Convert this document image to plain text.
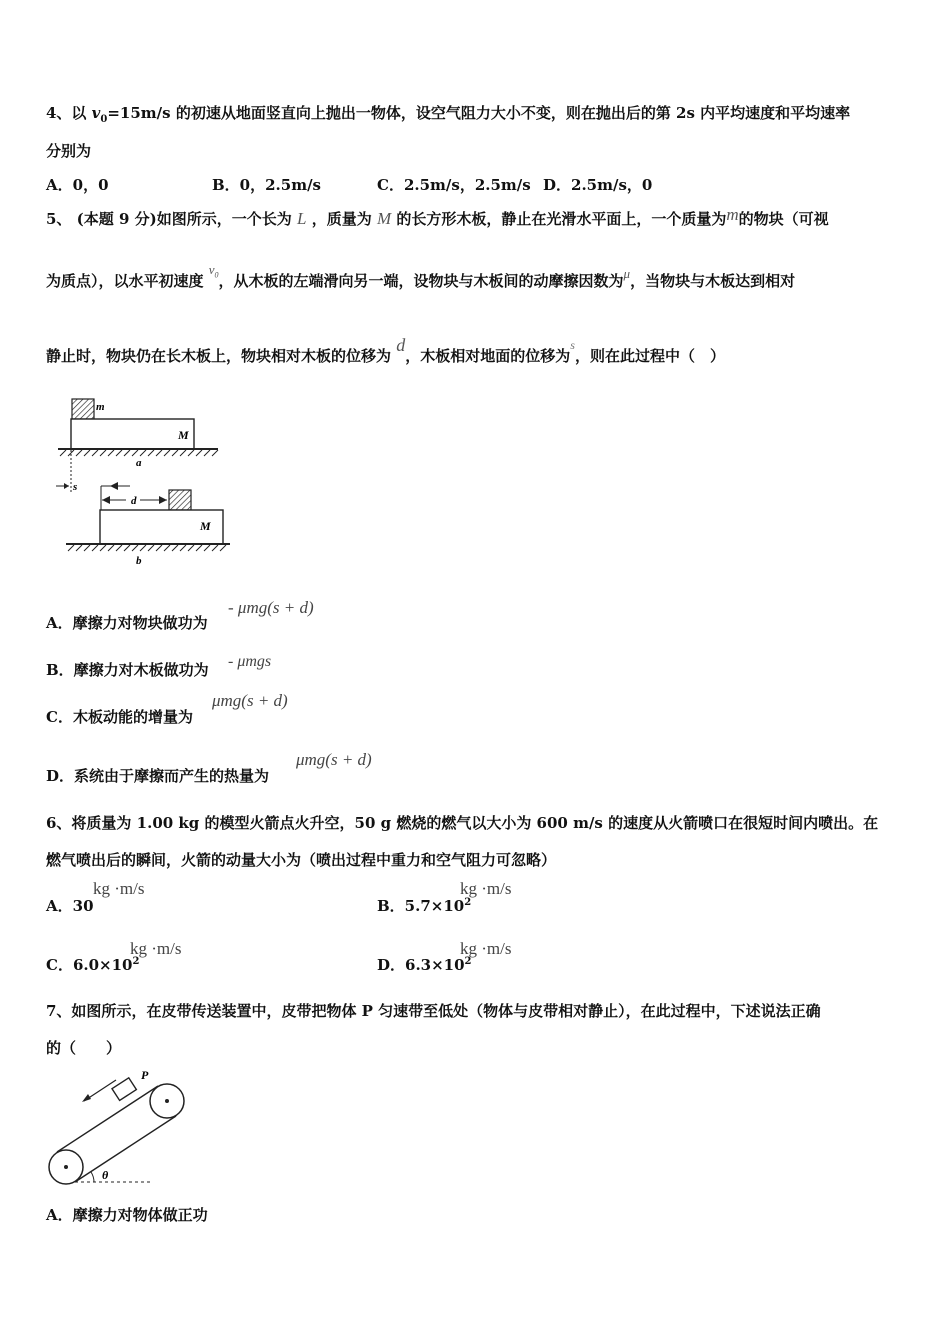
4、以 $v_0=15m/s$ 的初速从地面竖直向上抛出一物体，设空气阻力大小不变，则在抛出后的第 2s 内平均速度和平均速率
分别为
A．0，0	B．0，2.5m/s	C．2.5m/s，2.5m/s D．2.5m/s，0
5、 (本题 9 分)如图所示，一个长为 L ，质量为 M 的长方形木板，静止在光滑水平面上，一个质量为m的物块（可视
为质点），以水平初速度 $v_0$，从木板的左端滑向另一端，设物块与木板间的动摩擦因数为μ，当物块与木板达到相对
静止时，物块仍在长木板上，物块相对木板的位移为 d，木板相对地面的位移为$^s$，则在此过程中（　）
m
M
a
s
d
M
b
A．摩擦力对物块做功为
- μmg(s + d)
B．摩擦力对木板做功为 - μmgs
C．木板动能的增量为
μmg(s + d)
D．系统由于摩擦而产生的热量为
μmg(s + d)
6、将质量为 1.00 kg 的模型火箭点火升空，50 g 燃烧的燃气以大小为 600 m/s 的速度从火箭喷口在很短时间内喷出。在
燃气喷出后的瞬间，火箭的动量大小为（喷出过程中重力和空气阻力可忽略）
A．30
kg ·m/s
B．$5.7\times 10^2$
kg ·m/s
C．$6.0\times 10^2$
kg ·m/s
D．$6.3\times 10^2$
kg ·m/s
7、如图所示，在皮带传送装置中，皮带把物体 P 匀速带至低处（物体与皮带相对静止），在此过程中，下述说法正确
的（　　）
P
θ
A．摩擦力对物体做正功
